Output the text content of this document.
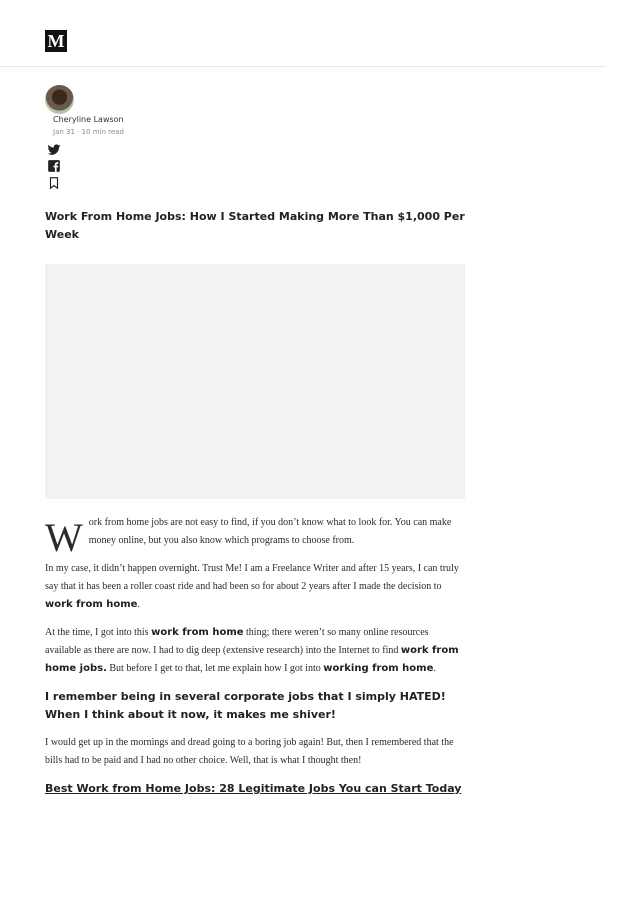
M
Cheryline Lawson
Jan 31 · 10 min read
Work From Home Jobs: How I Started Making More Than $1,000 Per Week

Work from home jobs are not easy to find, if you don’t know what to look for. You can make money online, but you also know which programs to choose from.

In my case, it didn’t happen overnight. Trust Me! I am a Freelance Writer and after 15 years, I can truly say that it has been a roller coast ride and had been so for about 2 years after I made the decision to work from home.

At the time, I got into this work from home thing; there weren’t so many online resources available as there are now. I had to dig deep (extensive research) into the Internet to find work from home jobs. But before I get to that, let me explain how I got into working from home.

I remember being in several corporate jobs that I simply HATED! When I think about it now, it makes me shiver!

I would get up in the mornings and dread going to a boring job again! But, then I remembered that the bills had to be paid and I had no other choice. Well, that is what I thought then!

Best Work from Home Jobs: 28 Legitimate Jobs You can Start Today
